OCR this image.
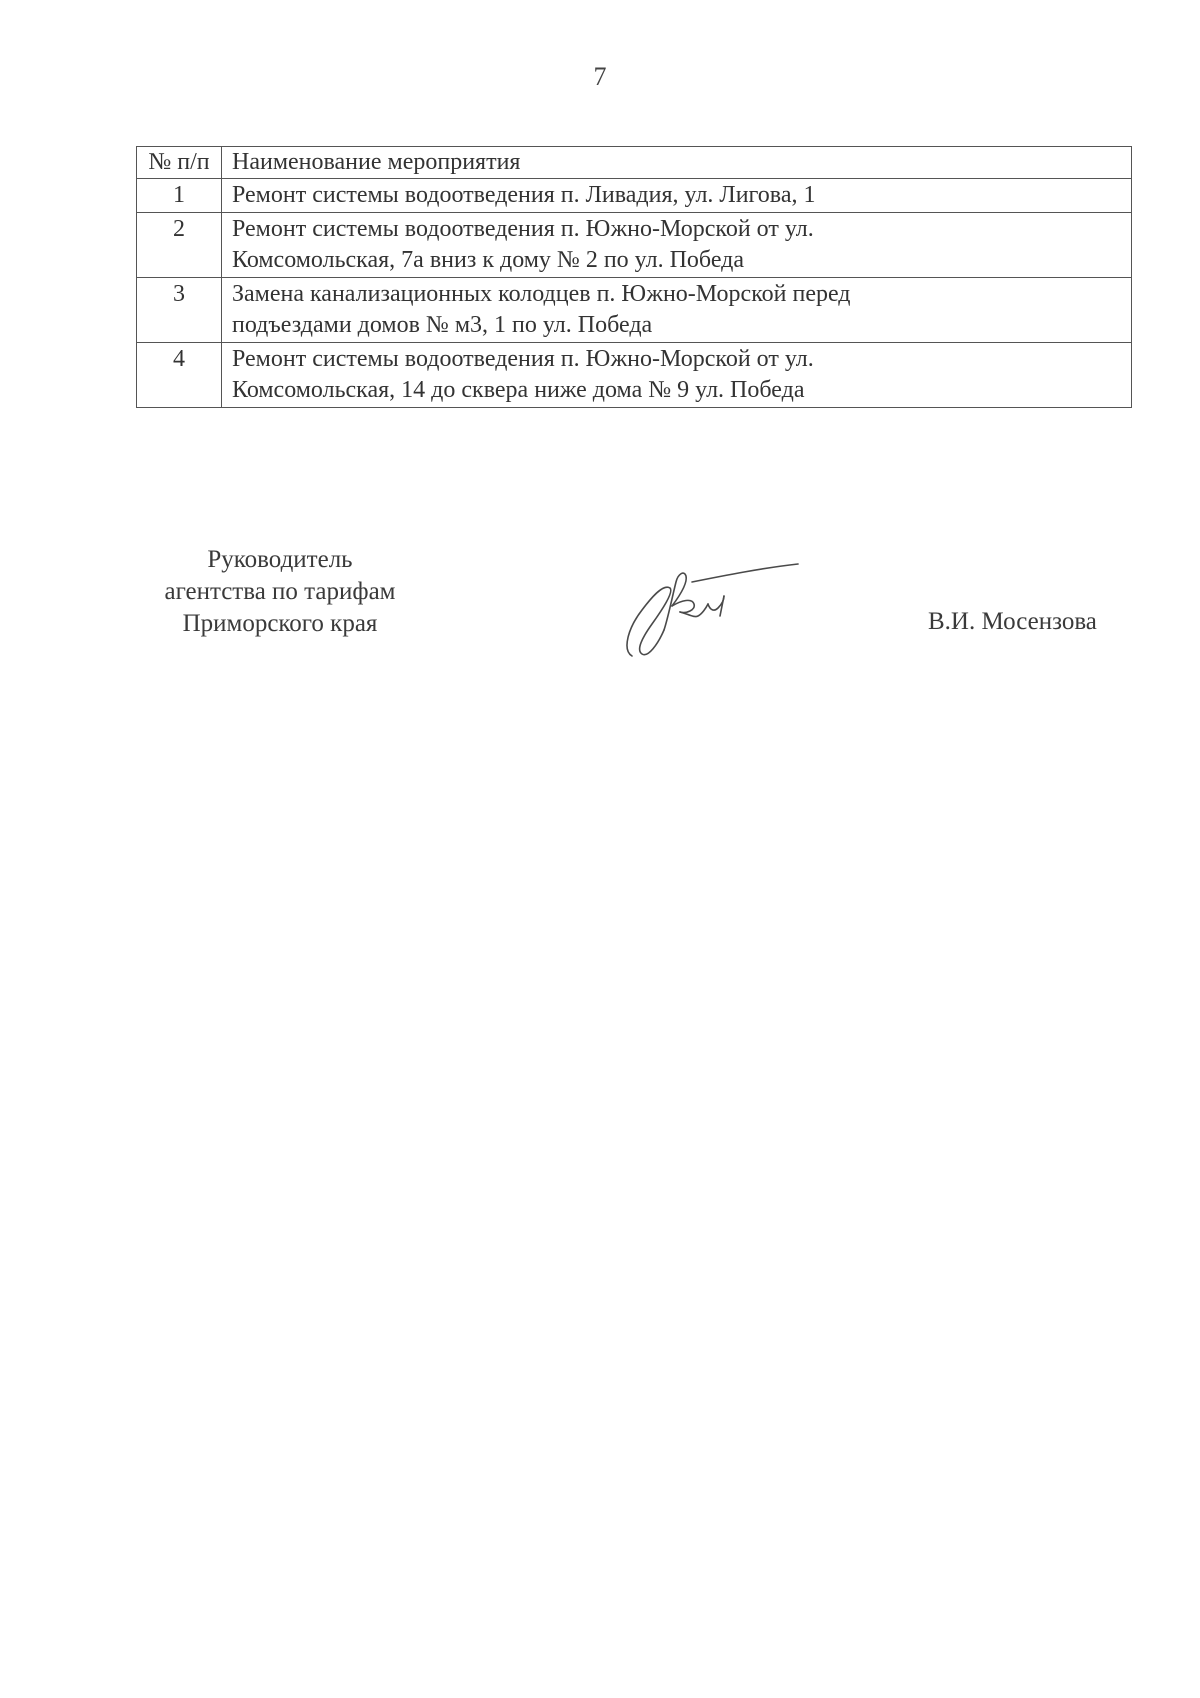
7
№ п/п	Наименование мероприятия
1	Ремонт системы водоотведения п. Ливадия, ул. Лигова, 1

2	Ремонт системы водоотведения п. Южно-Морской от ул.
Комсомольская, 7а вниз к дому № 2 по ул. Победа

3	Замена канализационных колодцев п. Южно-Морской перед
подъездами домов № м3, 1 по ул. Победа

4	Ремонт системы водоотведения п. Южно-Морской от ул.
Комсомольская, 14 до сквера ниже дома № 9 ул. Победа
Руководитель
агентства по тарифам
Приморского края	В.И. Мосензова
